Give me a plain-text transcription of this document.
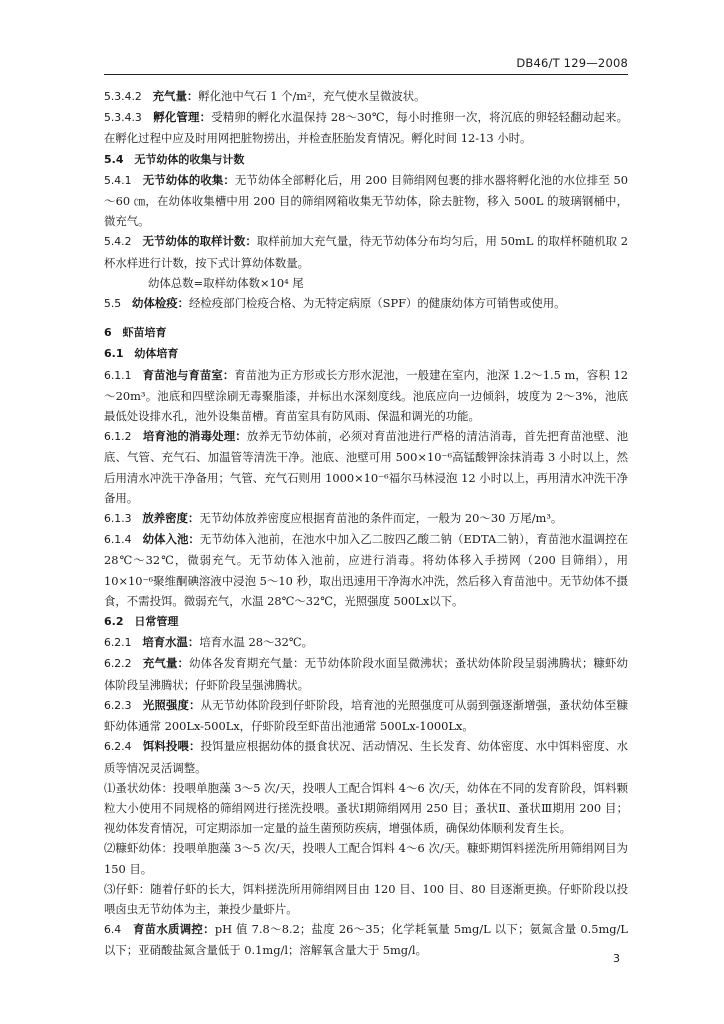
DB46/T 129—2008

5.3.4.2 充气量：孵化池中气石 1 个/m²，充气使水呈微波状。

5.3.4.3 孵化管理：受精卵的孵化水温保持 28～30℃，每小时推卵一次，将沉底的卵轻轻翻动起来。在孵化过程中应及时用网把脏物捞出，并检查胚胎发育情况。孵化时间 12-13 小时。

5.4 无节幼体的收集与计数

5.4.1 无节幼体的收集：无节幼体全部孵化后，用 200 目筛绢网包裹的排水器将孵化池的水位排至 50～60 ㎝，在幼体收集槽中用 200 目的筛绢网箱收集无节幼体，除去脏物，移入 500L 的玻璃钢桶中，微充气。

5.4.2 无节幼体的取样计数：取样前加大充气量，待无节幼体分布均匀后，用 50mL 的取样杯随机取 2 杯水样进行计数，按下式计算幼体数量。

幼体总数=取样幼体数×10⁴ 尾

5.5 幼体检疫：经检疫部门检疫合格、为无特定病原（SPF）的健康幼体方可销售或使用。

6 虾苗培育

6.1 幼体培育

6.1.1 育苗池与育苗室：育苗池为正方形或长方形水泥池，一般建在室内，池深 1.2～1.5 m，容积 12～20m³。池底和四壁涂刷无毒聚脂漆，并标出水深刻度线。池底应向一边倾斜，坡度为 2～3%，池底最低处设排水孔，池外设集苗槽。育苗室具有防风雨、保温和调光的功能。

6.1.2 培育池的消毒处理：放养无节幼体前，必须对育苗池进行严格的清洁消毒，首先把育苗池壁、池底、气管、充气石、加温管等清洗干净。池底、池壁可用 500×10⁻⁶高锰酸钾涂抹消毒 3 小时以上，然后用清水冲洗干净备用；气管、充气石则用 1000×10⁻⁶福尔马林浸泡 12 小时以上，再用清水冲洗干净备用。

6.1.3 放养密度：无节幼体放养密度应根据育苗池的条件而定，一般为 20～30 万尾/m³。

6.1.4 幼体入池：无节幼体入池前，在池水中加入乙二胺四乙酸二钠（EDTA二钠），育苗池水温调控在 28℃～32℃，微弱充气。无节幼体入池前，应进行消毒。将幼体移入手捞网（200 目筛绢），用 10×10⁻⁶聚维酮碘溶液中浸泡 5～10 秒，取出迅速用干净海水冲洗，然后移入育苗池中。无节幼体不摄食，不需投饵。微弱充气，水温 28℃～32℃，光照强度 500Lx以下。

6.2 日常管理

6.2.1 培育水温：培育水温 28～32℃。

6.2.2 充气量：幼体各发育期充气量：无节幼体阶段水面呈微沸状；蚤状幼体阶段呈弱沸腾状；糠虾幼体阶段呈沸腾状；仔虾阶段呈强沸腾状。

6.2.3 光照强度：从无节幼体阶段到仔虾阶段，培育池的光照强度可从弱到强逐渐增强，蚤状幼体至糠虾幼体通常 200Lx-500Lx，仔虾阶段至虾苗出池通常 500Lx-1000Lx。

6.2.4 饵料投喂：投饵量应根据幼体的摄食状况、活动情况、生长发育、幼体密度、水中饵料密度、水质等情况灵活调整。

⑴蚤状幼体：投喂单胞藻 3～5 次/天，投喂人工配合饵料 4～6 次/天，幼体在不同的发育阶段，饵料颗粒大小使用不同规格的筛绢网进行搓洗投喂。蚤状Ⅰ期筛绢网用 250 目；蚤状Ⅱ、蚤状Ⅲ期用 200 目；视幼体发育情况，可定期添加一定量的益生菌预防疾病，增强体质，确保幼体顺利发育生长。

⑵糠虾幼体：投喂单胞藻 3～5 次/天，投喂人工配合饵料 4～6 次/天。糠虾期饵料搓洗所用筛绢网目为 150 目。

⑶仔虾：随着仔虾的长大，饵料搓洗所用筛绢网目由 120 目、100 目、80 目逐渐更换。仔虾阶段以投喂卤虫无节幼体为主，兼投少量虾片。

6.4 育苗水质调控：pH 值 7.8～8.2；盐度 26～35；化学耗氧量 5mg/L 以下；氨氮含量 0.5mg/L 以下；亚硝酸盐氮含量低于 0.1mg/l；溶解氧含量大于 5mg/l。

3
